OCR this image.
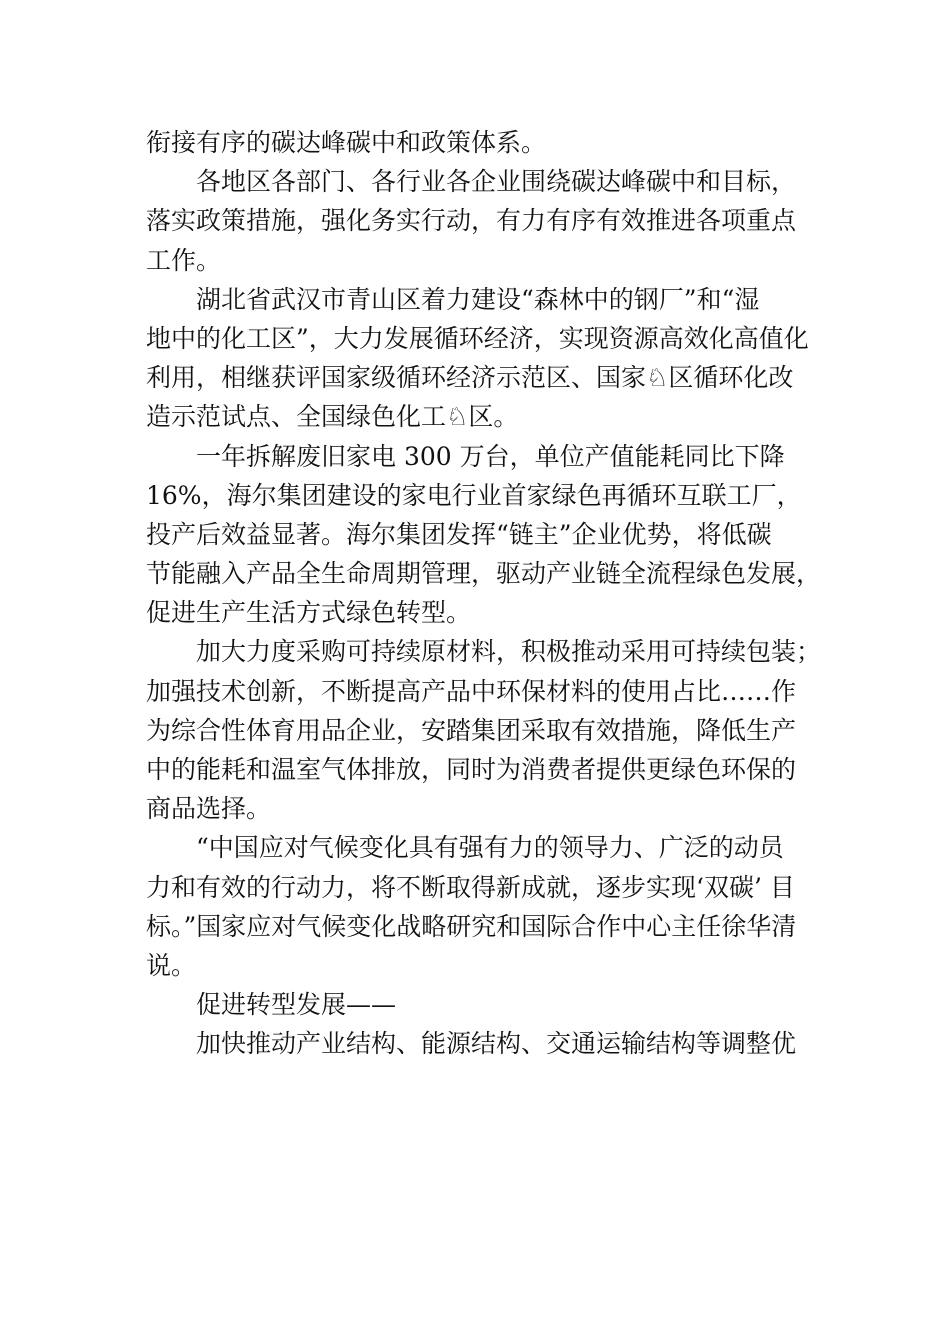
衔接有序的碳达峰碳中和政策体系。
各地区各部门、各行业各企业围绕碳达峰碳中和目标，
落实政策措施，强化务实行动，有力有序有效推进各项重点
工作。
湖北省武汉市青山区着力建设“森林中的钢厂”和“湿
地中的化工区”，大力发展循环经济，实现资源高效化高值化
利用，相继获评国家级循环经济示范区、国家♘区循环化改
造示范试点、全国绿色化工♘区。
一年拆解废旧家电 300 万台，单位产值能耗同比下降
16%，海尔集团建设的家电行业首家绿色再循环互联工厂，
投产后效益显著。海尔集团发挥“链主”企业优势，将低碳
节能融入产品全生命周期管理，驱动产业链全流程绿色发展，
促进生产生活方式绿色转型。
加大力度采购可持续原材料，积极推动采用可持续包装；
加强技术创新，不断提高产品中环保材料的使用占比……作
为综合性体育用品企业，安踏集团采取有效措施，降低生产
中的能耗和温室气体排放，同时为消费者提供更绿色环保的
商品选择。
“中国应对气候变化具有强有力的领导力、广泛的动员
力和有效的行动力，将不断取得新成就，逐步实现‘双碳’ 目
标。”国家应对气候变化战略研究和国际合作中心主任徐华清
说。
促进转型发展——
加快推动产业结构、能源结构、交通运输结构等调整优
